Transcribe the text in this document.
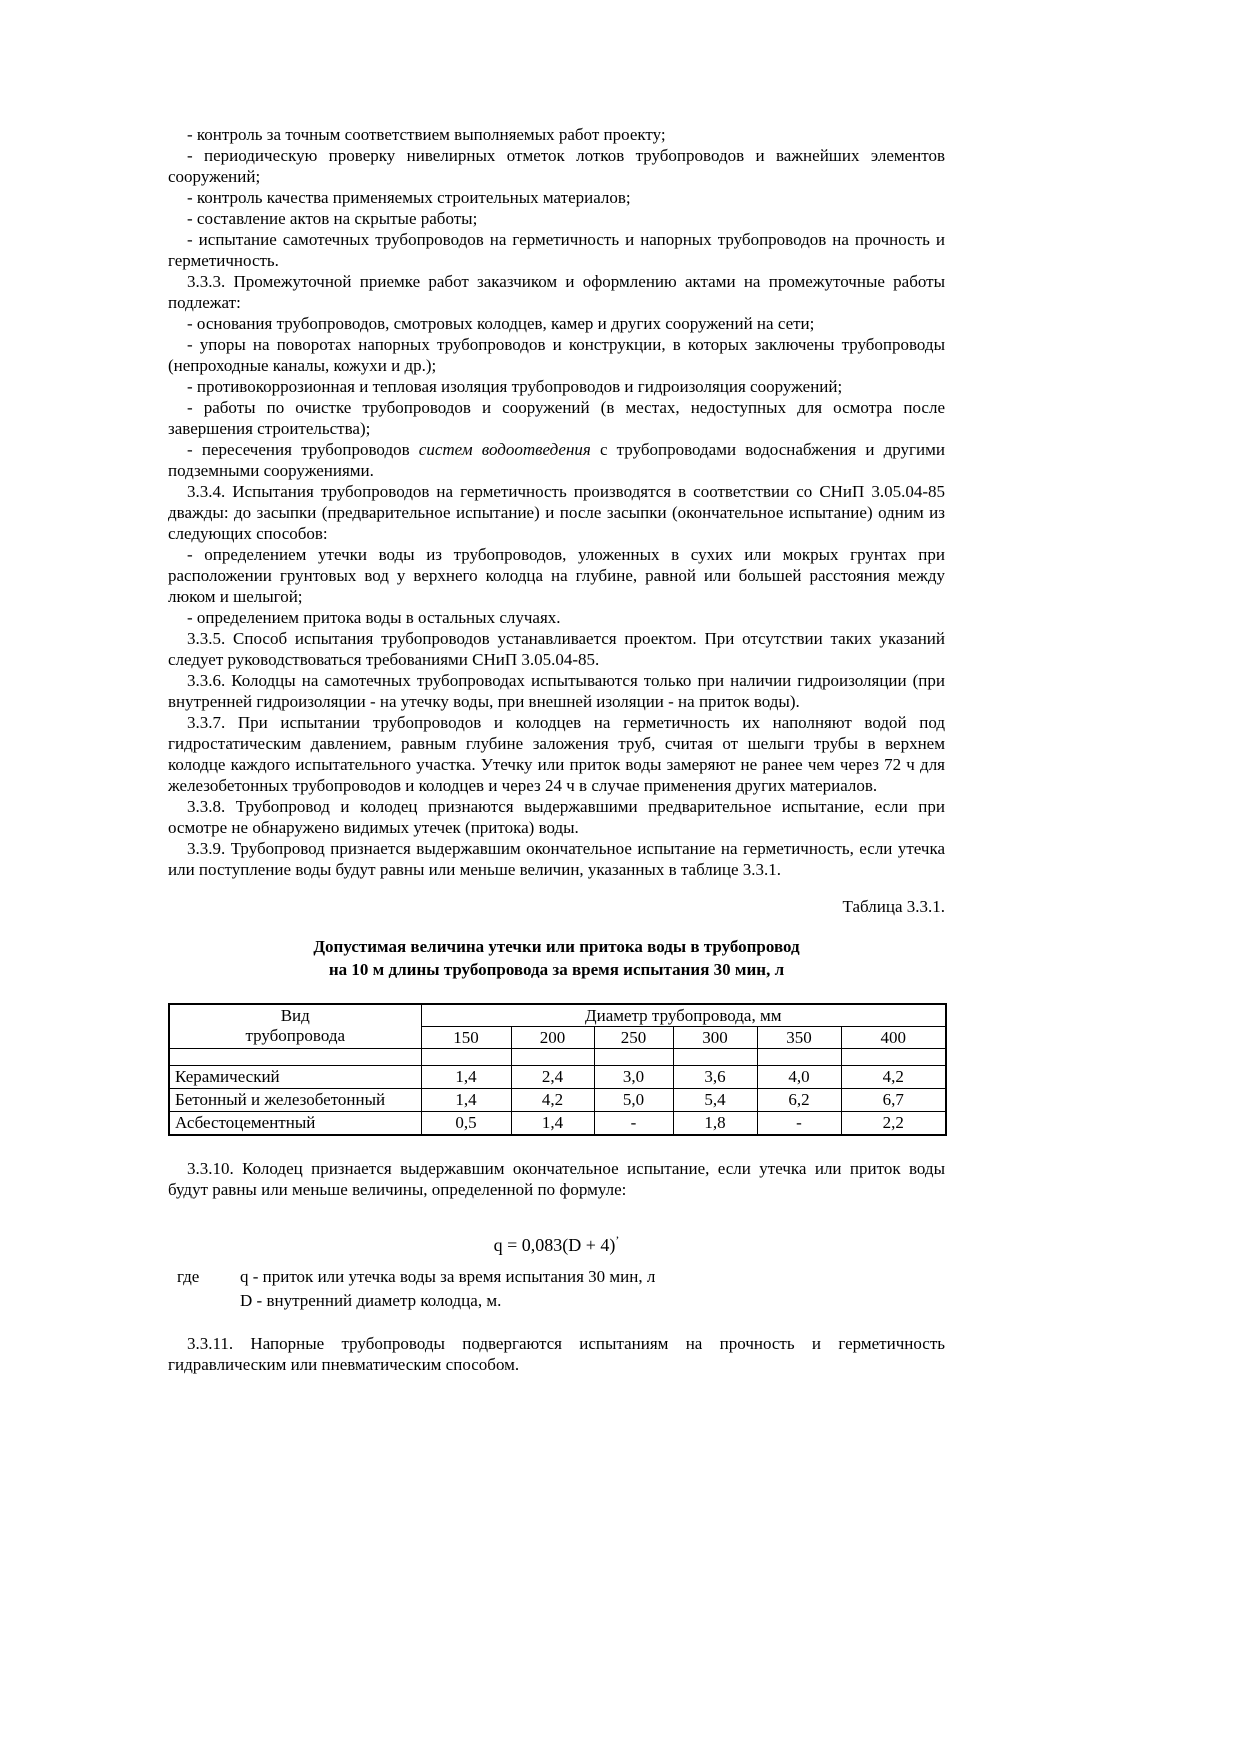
- контроль за точным соответствием выполняемых работ проекту;

- периодическую проверку нивелирных отметок лотков трубопроводов и важнейших элементов сооружений;

- контроль качества применяемых строительных материалов;

- составление актов на скрытые работы;

- испытание самотечных трубопроводов на герметичность и напорных трубопроводов на прочность и герметичность.

3.3.3. Промежуточной приемке работ заказчиком и оформлению актами на промежуточные работы подлежат:

- основания трубопроводов, смотровых колодцев, камер и других сооружений на сети;

- упоры на поворотах напорных трубопроводов и конструкции, в которых заключены трубопроводы (непроходные каналы, кожухи и др.);

- противокоррозионная и тепловая изоляция трубопроводов и гидроизоляция сооружений;

- работы по очистке трубопроводов и сооружений (в местах, недоступных для осмотра после завершения строительства);

- пересечения трубопроводов систем водоотведения с трубопроводами водоснабжения и другими подземными сооружениями.

3.3.4. Испытания трубопроводов на герметичность производятся в соответствии со СНиП 3.05.04-85 дважды: до засыпки (предварительное испытание) и после засыпки (окончательное испытание) одним из следующих способов:

- определением утечки воды из трубопроводов, уложенных в сухих или мокрых грунтах при расположении грунтовых вод у верхнего колодца на глубине, равной или большей расстояния между люком и шелыгой;

- определением притока воды в остальных случаях.

3.3.5. Способ испытания трубопроводов устанавливается проектом. При отсутствии таких указаний следует руководствоваться требованиями СНиП 3.05.04-85.

3.3.6. Колодцы на самотечных трубопроводах испытываются только при наличии гидроизоляции (при внутренней гидроизоляции - на утечку воды, при внешней изоляции - на приток воды).

3.3.7. При испытании трубопроводов и колодцев на герметичность их наполняют водой под гидростатическим давлением, равным глубине заложения труб, считая от шелыги трубы в верхнем колодце каждого испытательного участка. Утечку или приток воды замеряют не ранее чем через 72 ч для железобетонных трубопроводов и колодцев и через 24 ч в случае применения других материалов.

3.3.8. Трубопровод и колодец признаются выдержавшими предварительное испытание, если при осмотре не обнаружено видимых утечек (притока) воды.

3.3.9. Трубопровод признается выдержавшим окончательное испытание на герметичность, если утечка или поступление воды будут равны или меньше величин, указанных в таблице 3.3.1.

Таблица 3.3.1.

Допустимая величина утечки или притока воды в трубопровод
на 10 м длины трубопровода за время испытания 30 мин, л

Вид
трубопровода	Диаметр трубопровода, мм					
	150	200	250	300	350	400

Керамический	1,4	2,4	3,0	3,6	4,0	4,2
Бетонный и железобетонный	1,4	4,2	5,0	5,4	6,2	6,7
Асбестоцементный	0,5	1,4	-	1,8	-	2,2

3.3.10. Колодец признается выдержавшим окончательное испытание, если утечка или приток воды будут равны или меньше величины, определенной по формуле:

q = 0,083(D + 4)’
где	q - приток или утечка воды за время испытания 30 мин, л
D - внутренний диаметр колодца, м.

3.3.11. Напорные трубопроводы подвергаются испытаниям на прочность и герметичность гидравлическим или пневматическим способом.
